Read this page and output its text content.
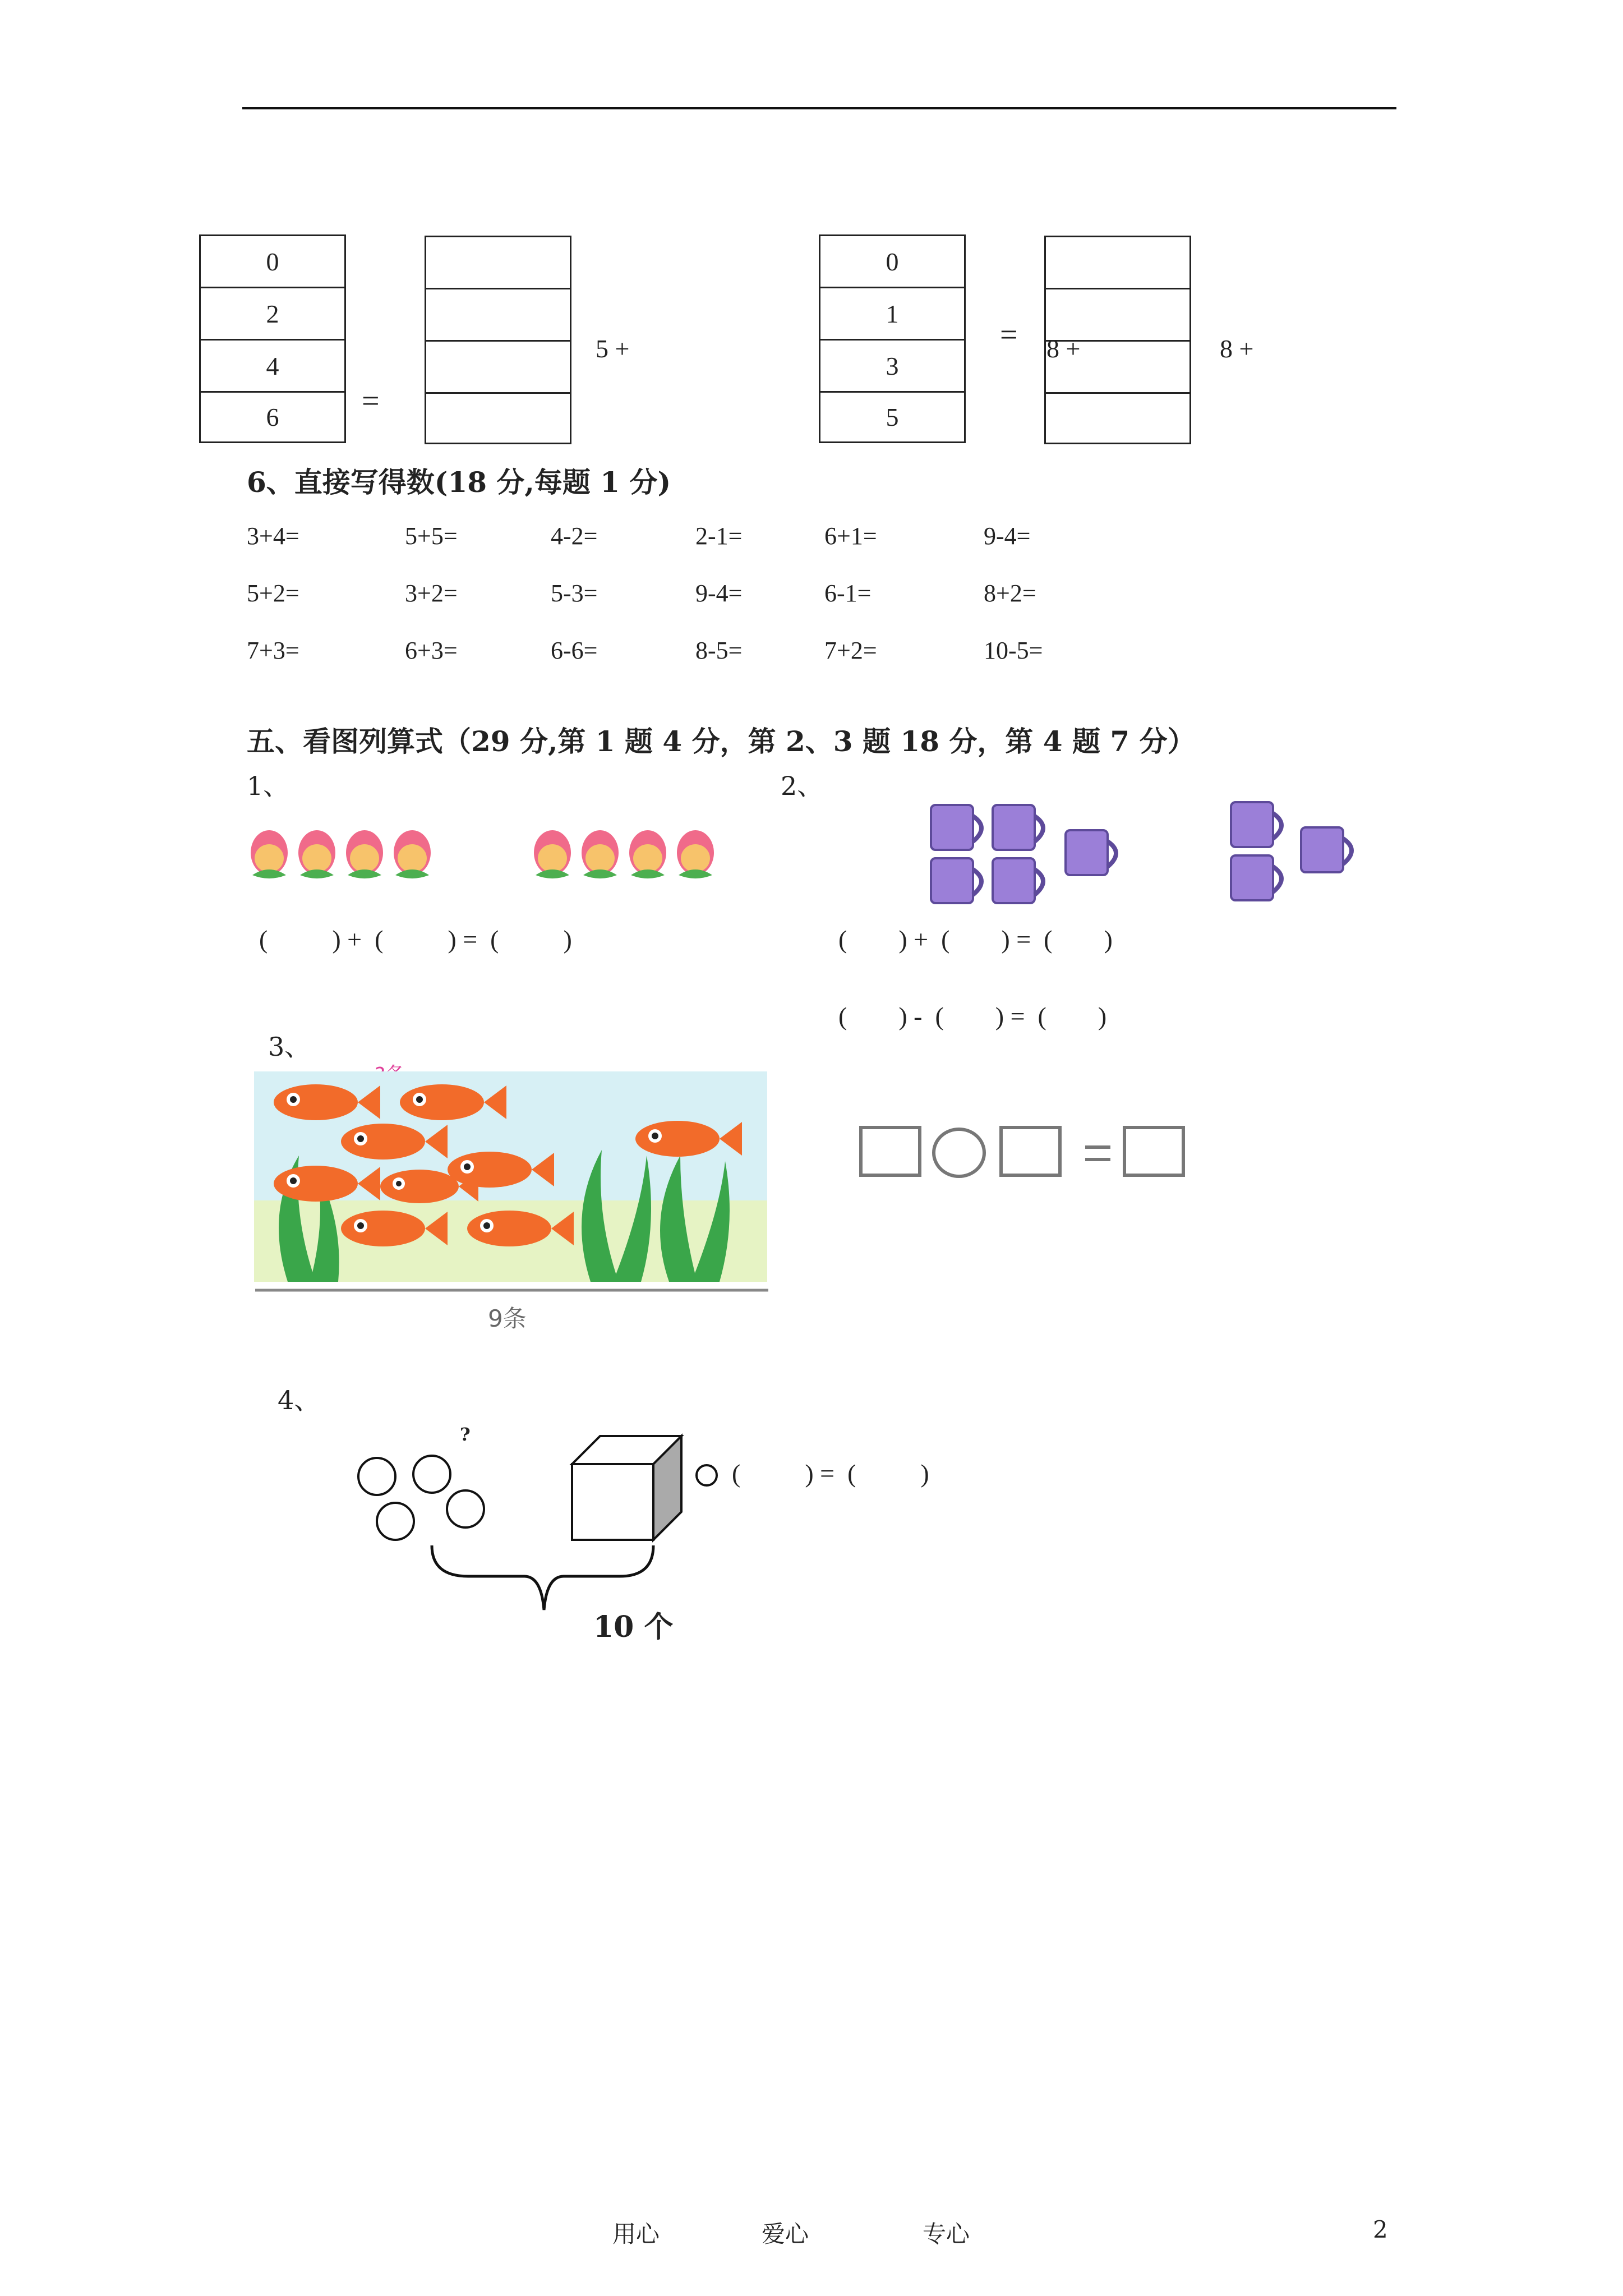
0
2
4
6	=
5 +
0
1
3
5
= 8 +	8 +
6、直接写得数(18 分,每题 1 分)
3+4=	5+5=	4-2=	2-1=	6+1=	9-4=
5+2=	3+2=	5-3=	9-4=	6-1=	8+2=
7+3=	6+3=	6-6=	8-5=	7+2=	10-5=
五、看图列算式（29 分,第 1 题 4 分，第 2、3 题 18 分，第 4 题 7 分）
1、
(          ) +  (          ) =  (          )
2、
(        ) +  (        ) =  (        )
(        ) -  (        ) =  (        )
3、
9条
4、
?
10 个
(          ) =  (          )
用心	爱心	专心	2
